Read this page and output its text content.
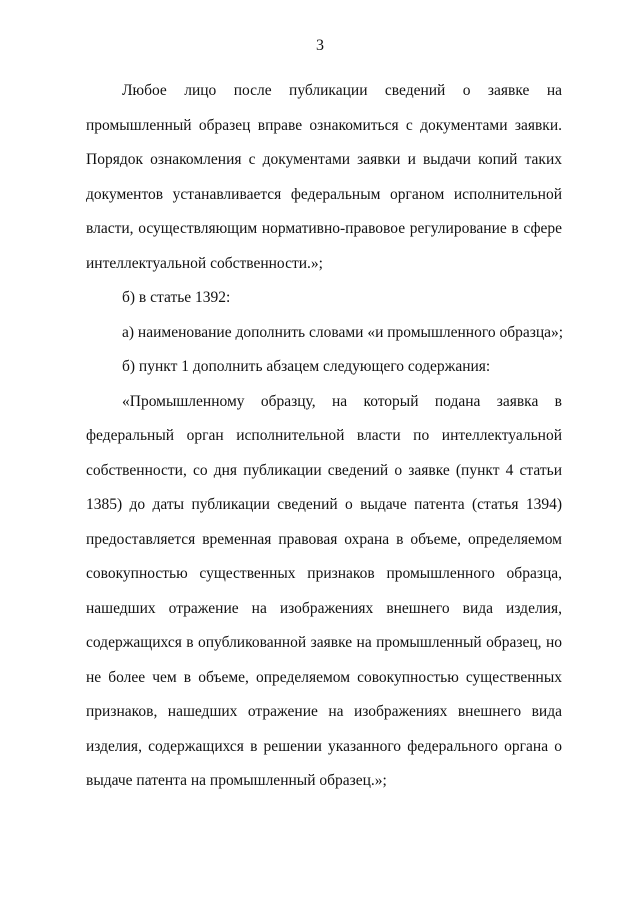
3
Любое лицо после публикации сведений о заявке на
промышленный образец вправе ознакомиться с документами заявки.
Порядок ознакомления с документами заявки и выдачи копий таких
документов устанавливается федеральным органом исполнительной
власти, осуществляющим нормативно-правовое регулирование в сфере
интеллектуальной собственности.»;
б) в статье 1392:
а) наименование дополнить словами «и промышленного образца»;
б) пункт 1 дополнить абзацем следующего содержания:
«Промышленному образцу, на который подана заявка в
федеральный орган исполнительной власти по интеллектуальной
собственности, со дня публикации сведений о заявке (пункт 4 статьи
1385) до даты публикации сведений о выдаче патента (статья 1394)
предоставляется временная правовая охрана в объеме, определяемом
совокупностью существенных признаков промышленного образца,
нашедших отражение на изображениях внешнего вида изделия,
содержащихся в опубликованной заявке на промышленный образец, но
не более чем в объеме, определяемом совокупностью существенных
признаков, нашедших отражение на изображениях внешнего вида
изделия, содержащихся в решении указанного федерального органа о
выдаче патента на промышленный образец.»;
